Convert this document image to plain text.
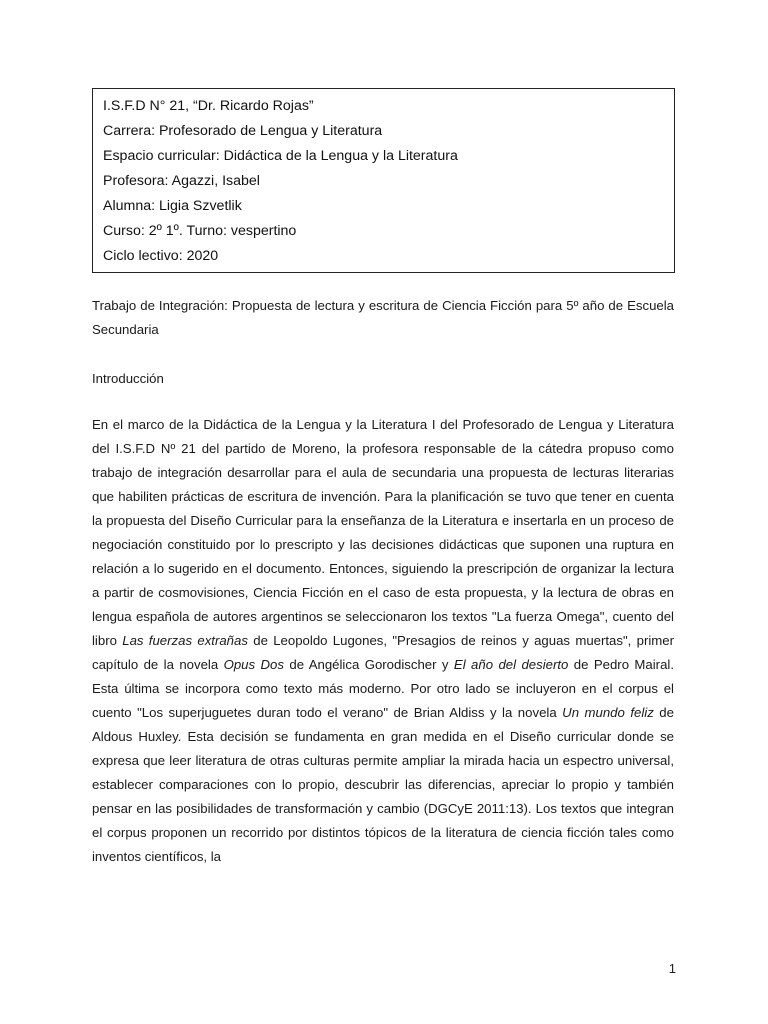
I.S.F.D N° 21, “Dr. Ricardo Rojas”
Carrera: Profesorado de Lengua y Literatura
Espacio curricular: Didáctica de la Lengua y la Literatura
Profesora: Agazzi, Isabel
Alumna: Ligia Szvetlik
Curso: 2º 1º. Turno: vespertino
Ciclo lectivo: 2020
Trabajo de Integración: Propuesta de lectura y escritura de Ciencia Ficción para 5º año de Escuela Secundaria
Introducción
En el marco de la Didáctica de la Lengua y la Literatura I del Profesorado de Lengua y Literatura del I.S.F.D Nº 21 del partido de Moreno, la profesora responsable de la cátedra propuso como trabajo de integración desarrollar para el aula de secundaria una propuesta de lecturas literarias que habiliten prácticas de escritura de invención. Para la planificación se tuvo que tener en cuenta la propuesta del Diseño Curricular para la enseñanza de la Literatura e insertarla en un proceso de negociación constituido por lo prescripto y las decisiones didácticas que suponen una ruptura en relación a lo sugerido en el documento. Entonces, siguiendo la prescripción de organizar la lectura a partir de cosmovisiones, Ciencia Ficción en el caso de esta propuesta, y la lectura de obras en lengua española de autores argentinos se seleccionaron los textos "La fuerza Omega", cuento del libro Las fuerzas extrañas de Leopoldo Lugones, "Presagios de reinos y aguas muertas", primer capítulo de la novela Opus Dos de Angélica Gorodischer y El año del desierto de Pedro Mairal. Esta última se incorpora como texto más moderno. Por otro lado se incluyeron en el corpus el cuento "Los superjuguetes duran todo el verano" de Brian Aldiss y la novela Un mundo feliz de Aldous Huxley. Esta decisión se fundamenta en gran medida en el Diseño curricular donde se expresa que leer literatura de otras culturas permite ampliar la mirada hacia un espectro universal, establecer comparaciones con lo propio, descubrir las diferencias, apreciar lo propio y también pensar en las posibilidades de transformación y cambio (DGCyE 2011:13). Los textos que integran el corpus proponen un recorrido por distintos tópicos de la literatura de ciencia ficción tales como inventos científicos, la
1
